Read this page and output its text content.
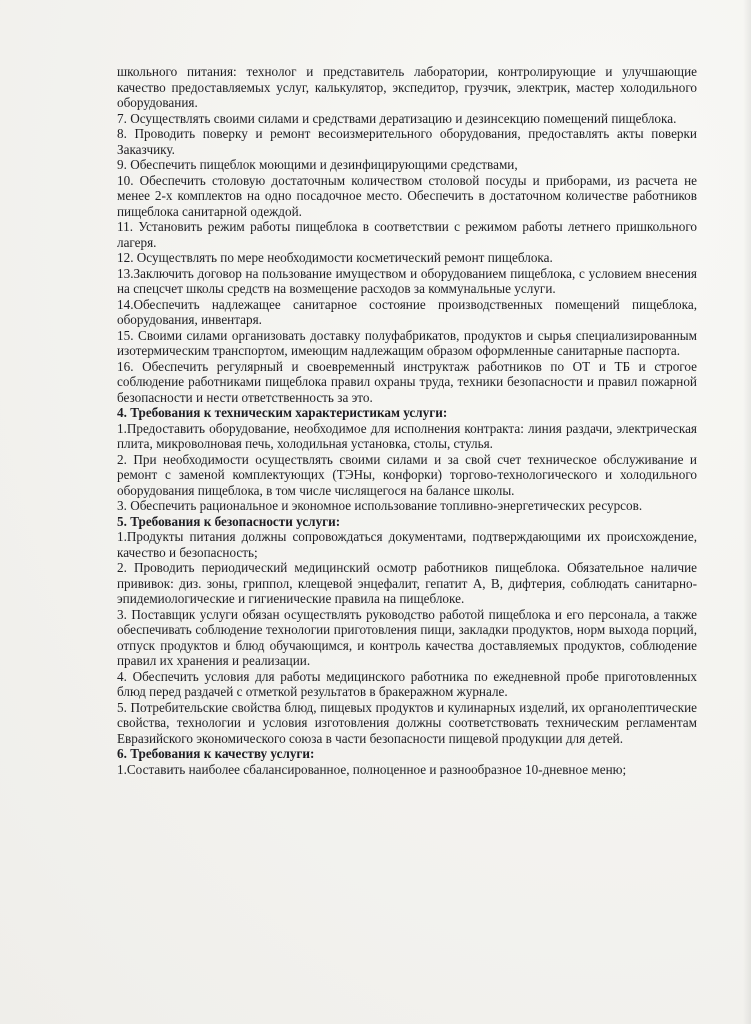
школьного питания: технолог и представитель лаборатории, контролирующие и улучшающие качество предоставляемых услуг, калькулятор, экспедитор, грузчик, электрик, мастер холодильного оборудования.

7. Осуществлять своими силами и средствами дератизацию и дезинсекцию помещений пищеблока.

8. Проводить поверку и ремонт весоизмерительного оборудования, предоставлять акты поверки Заказчику.

9. Обеспечить пищеблок моющими и дезинфицирующими средствами,

10. Обеспечить столовую достаточным количеством столовой посуды и приборами, из расчета не менее 2-х комплектов на одно посадочное место. Обеспечить в достаточном количестве работников пищеблока санитарной одеждой.

11. Установить режим работы пищеблока в соответствии с режимом работы летнего пришкольного лагеря.

12. Осуществлять по мере необходимости косметический ремонт пищеблока.

13.Заключить договор на пользование имуществом и оборудованием пищеблока, с условием внесения на спецсчет школы средств на возмещение расходов за коммунальные услуги.

14.Обеспечить надлежащее санитарное состояние производственных помещений пищеблока, оборудования, инвентаря.

15. Своими силами организовать доставку полуфабрикатов, продуктов и сырья специализированным изотермическим транспортом, имеющим надлежащим образом оформленные санитарные паспорта.

16. Обеспечить регулярный и своевременный инструктаж работников по ОТ и ТБ и строгое соблюдение работниками пищеблока правил охраны труда, техники безопасности и правил пожарной безопасности и нести ответственность за это.

4. Требования к техническим характеристикам услуги:

1.Предоставить оборудование, необходимое для исполнения контракта: линия раздачи, электрическая плита, микроволновая печь, холодильная установка, столы, стулья.

2. При необходимости осуществлять своими силами и за свой счет техническое обслуживание и ремонт с заменой комплектующих (ТЭНы, конфорки) торгово-технологического и холодильного оборудования пищеблока, в том числе числящегося на балансе школы.

3. Обеспечить рациональное и экономное использование топливно-энергетических ресурсов.

5. Требования к безопасности услуги:

1.Продукты питания должны сопровождаться документами, подтверждающими их происхождение, качество и безопасность;

2. Проводить периодический медицинский осмотр работников пищеблока. Обязательное наличие прививок: диз. зоны, гриппол, клещевой энцефалит, гепатит А, В, дифтерия, соблюдать санитарно- эпидемиологические и гигиенические правила на пищеблоке.

3. Поставщик услуги обязан осуществлять руководство работой пищеблока и его персонала, а также обеспечивать соблюдение технологии приготовления пищи, закладки продуктов, норм выхода порций, отпуск продуктов и блюд обучающимся, и контроль качества доставляемых продуктов, соблюдение правил их хранения и реализации.

4. Обеспечить условия для работы медицинского работника по ежедневной пробе приготовленных блюд перед раздачей с отметкой результатов в бракеражном журнале.

5. Потребительские свойства блюд, пищевых продуктов и кулинарных изделий, их органолептические свойства, технологии и условия изготовления должны соответствовать техническим регламентам Евразийского экономического союза в части безопасности пищевой продукции для детей.

6. Требования к качеству услуги:

1.Составить наиболее сбалансированное, полноценное и разнообразное 10-дневное меню;
